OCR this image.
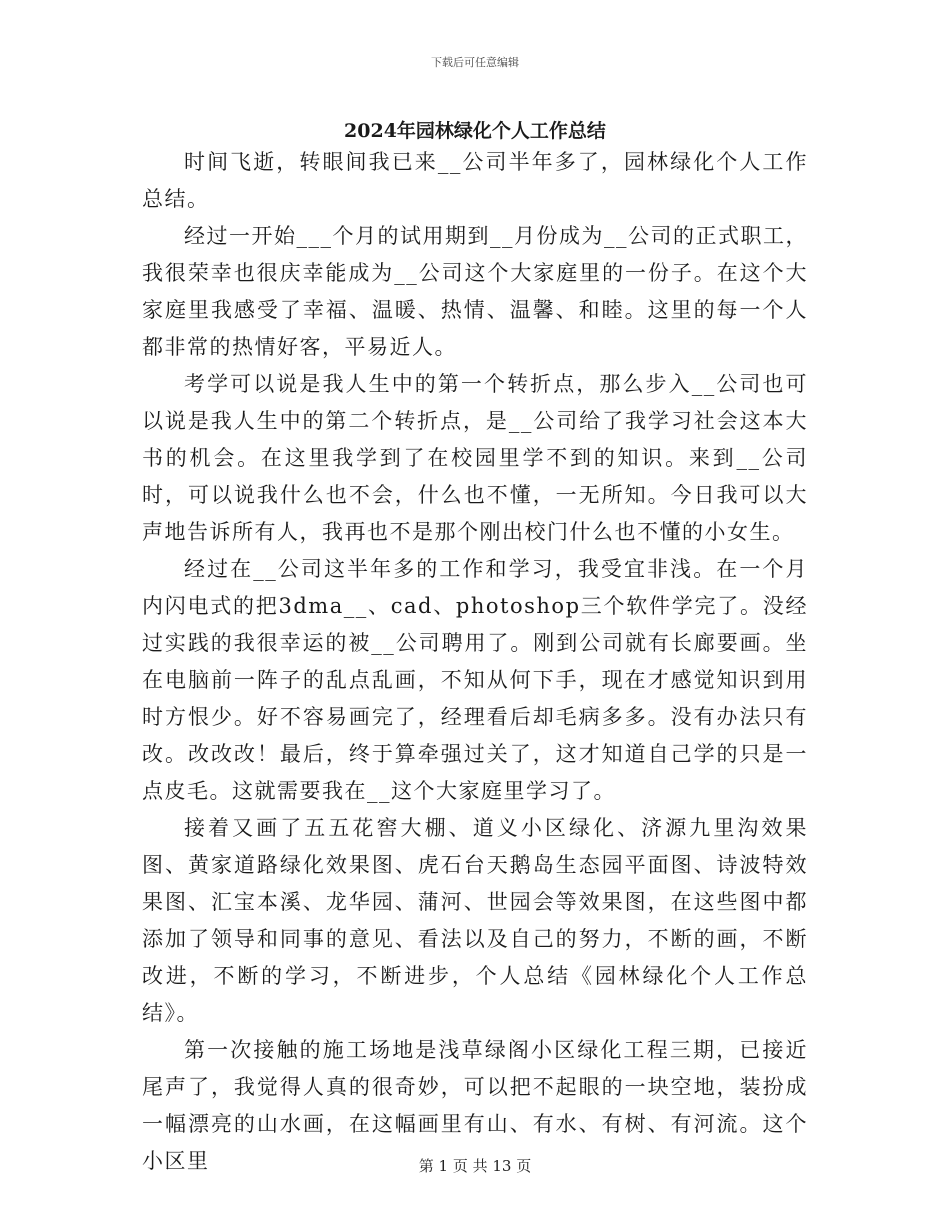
下载后可任意编辑
2024年园林绿化个人工作总结

时间飞逝，转眼间我已来__公司半年多了，园林绿化个人工作总结。

经过一开始___个月的试用期到__月份成为__公司的正式职工，我很荣幸也很庆幸能成为__公司这个大家庭里的一份子。在这个大家庭里我感受了幸福、温暖、热情、温馨、和睦。这里的每一个人都非常的热情好客，平易近人。

考学可以说是我人生中的第一个转折点，那么步入__公司也可以说是我人生中的第二个转折点，是__公司给了我学习社会这本大书的机会。在这里我学到了在校园里学不到的知识。来到__公司时，可以说我什么也不会，什么也不懂，一无所知。今日我可以大声地告诉所有人，我再也不是那个刚出校门什么也不懂的小女生。

经过在__公司这半年多的工作和学习，我受宜非浅。在一个月内闪电式的把3dma__、cad、photoshop三个软件学完了。没经过实践的我很幸运的被__公司聘用了。刚到公司就有长廊要画。坐在电脑前一阵子的乱点乱画，不知从何下手，现在才感觉知识到用时方恨少。好不容易画完了，经理看后却毛病多多。没有办法只有改。改改改！最后，终于算牵强过关了，这才知道自己学的只是一点皮毛。这就需要我在__这个大家庭里学习了。

接着又画了五五花窖大棚、道义小区绿化、济源九里沟效果图、黄家道路绿化效果图、虎石台天鹅岛生态园平面图、诗波特效果图、汇宝本溪、龙华园、蒲河、世园会等效果图，在这些图中都添加了领导和同事的意见、看法以及自己的努力，不断的画，不断改进，不断的学习，不断进步，个人总结《园林绿化个人工作总结》。

第一次接触的施工场地是浅草绿阁小区绿化工程三期，已接近尾声了，我觉得人真的很奇妙，可以把不起眼的一块空地，装扮成一幅漂亮的山水画，在这幅画里有山、有水、有树、有河流。这个小区里	第 1 页 共 13 页
